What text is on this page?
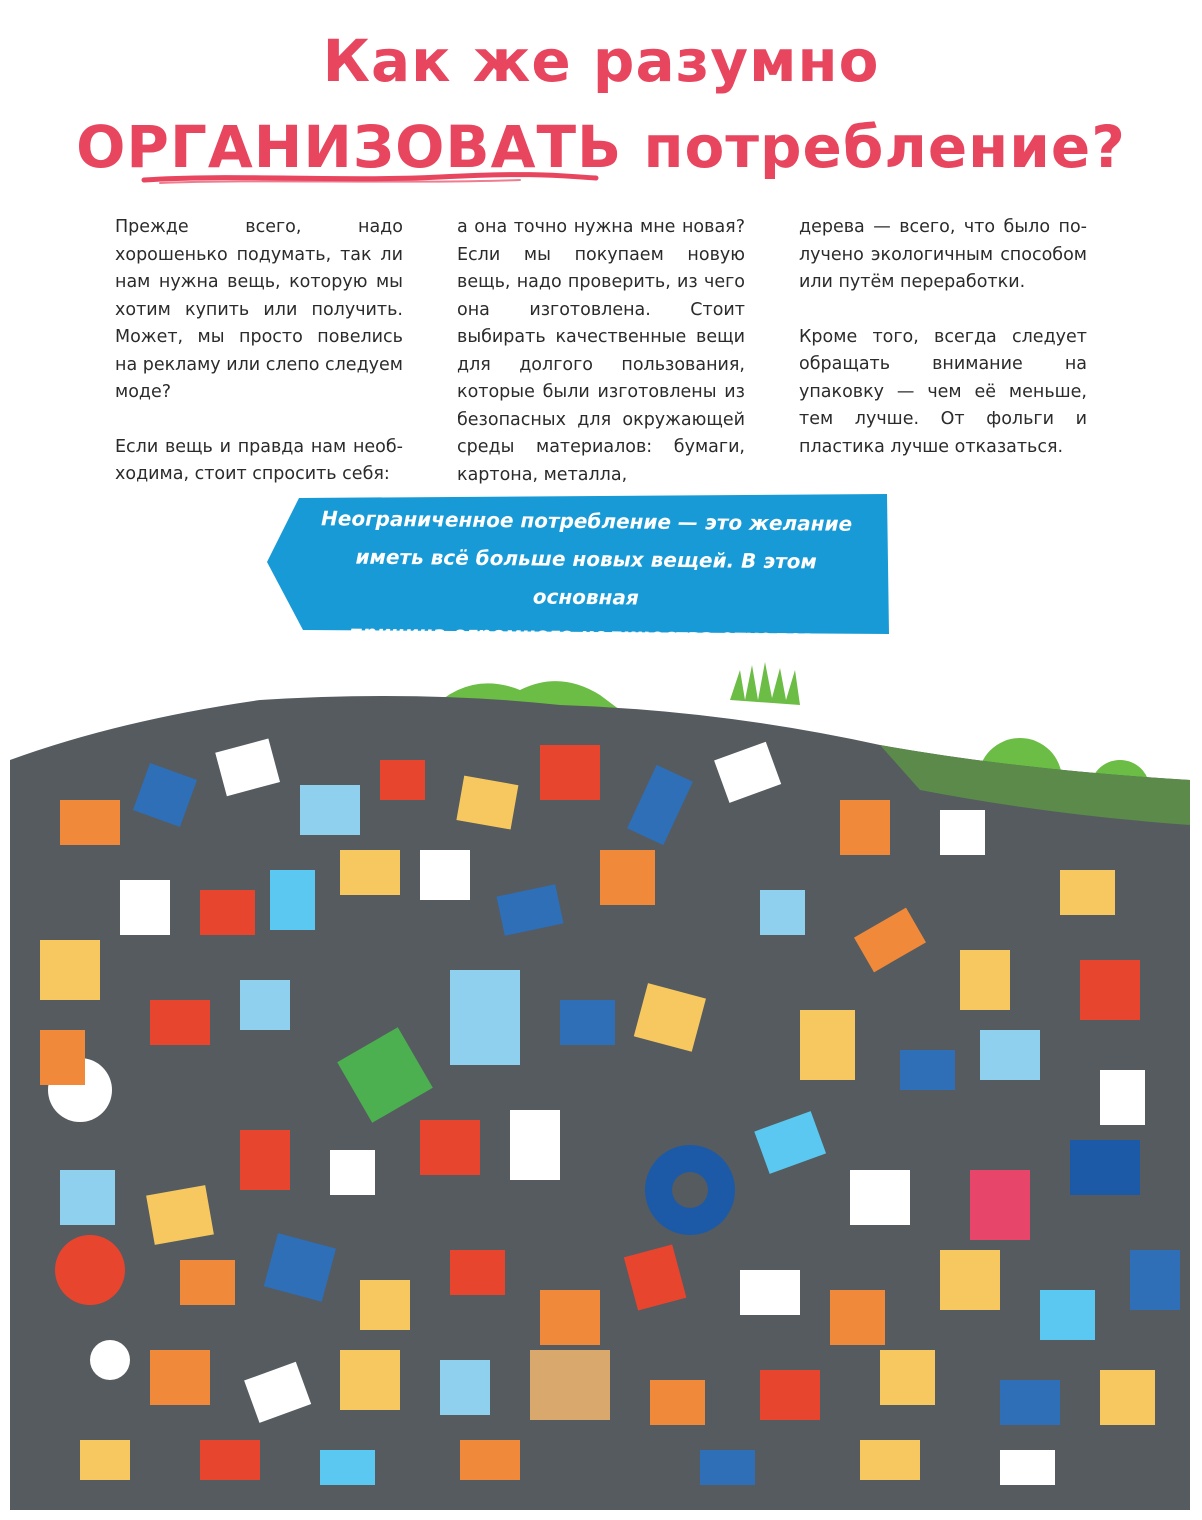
Как же разумно
ОРГАНИЗОВАТЬ потребление?

Прежде всего, надо хорошенько подумать, так ли нам нужна вещь, которую мы хотим купить или получить. Может, мы просто повелись на рекламу или слепо следуем моде?

Если вещь и правда нам необходима, стоит спросить себя:

а она точно нужна мне новая? Если мы покупаем новую вещь, надо проверить, из чего она изготовлена. Стоит выбирать качественные вещи для долгого пользования, которые были изготовлены из безопасных для окружающей среды материалов: бумаги, картона, металла,

дерева — всего, что было получено экологичным способом или путём переработки.

Кроме того, всегда следует обращать внимание на упаковку — чем её меньше, тем лучше. От фольги и пластика лучше отказаться.

Неограниченное потребление — это желание
иметь всё больше новых вещей. В этом основная
причина огромного количества отходов.
